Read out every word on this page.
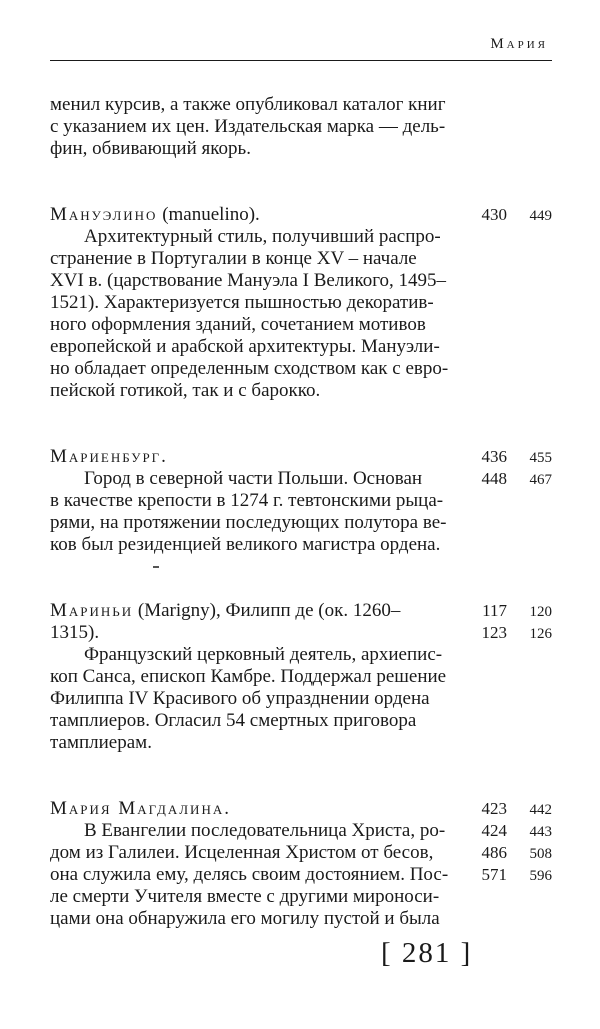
Мария
менил курсив, а также опубликовал каталог книг
с указанием их цен. Издательская марка — дель-
фин, обвивающий якорь.
Мануэлино (manuelino).	430	449
Архитектурный стиль, получивший распро-
странение в Португалии в конце XV – начале
XVI в. (царствование Мануэла I Великого, 1495–
1521). Характеризуется пышностью декоратив-
ного оформления зданий, сочетанием мотивов
европейской и арабской архитектуры. Мануэли-
но обладает определенным сходством как с евро-
пейской готикой, так и с барокко.
Мариенбург.
Город в северной части Польши. Основан
436	455
448	467
в качестве крепости в 1274 г. тевтонскими рыца-
рями, на протяжении последующих полутора ве-
ков был резиденцией великого магистра ордена.
Мариньи (Marigny), Филипп де (ок. 1260–
1315).
117	120
123	126
Французский церковный деятель, архиепис-
коп Санса, епископ Камбре. Поддержал решение
Филиппа IV Красивого об упразднении ордена
тамплиеров. Огласил 54 смертных приговора
тамплиерам.
Мария Магдалина.
В Евангелии последовательница Христа, ро-
дом из Галилеи. Исцеленная Христом от бесов,
она служила ему, делясь своим достоянием. Пос-
ле смерти Учителя вместе с другими мироноси-
423	442
424	443
486	508
571	596
цами она обнаружила его могилу пустой и была
[ 281 ]
